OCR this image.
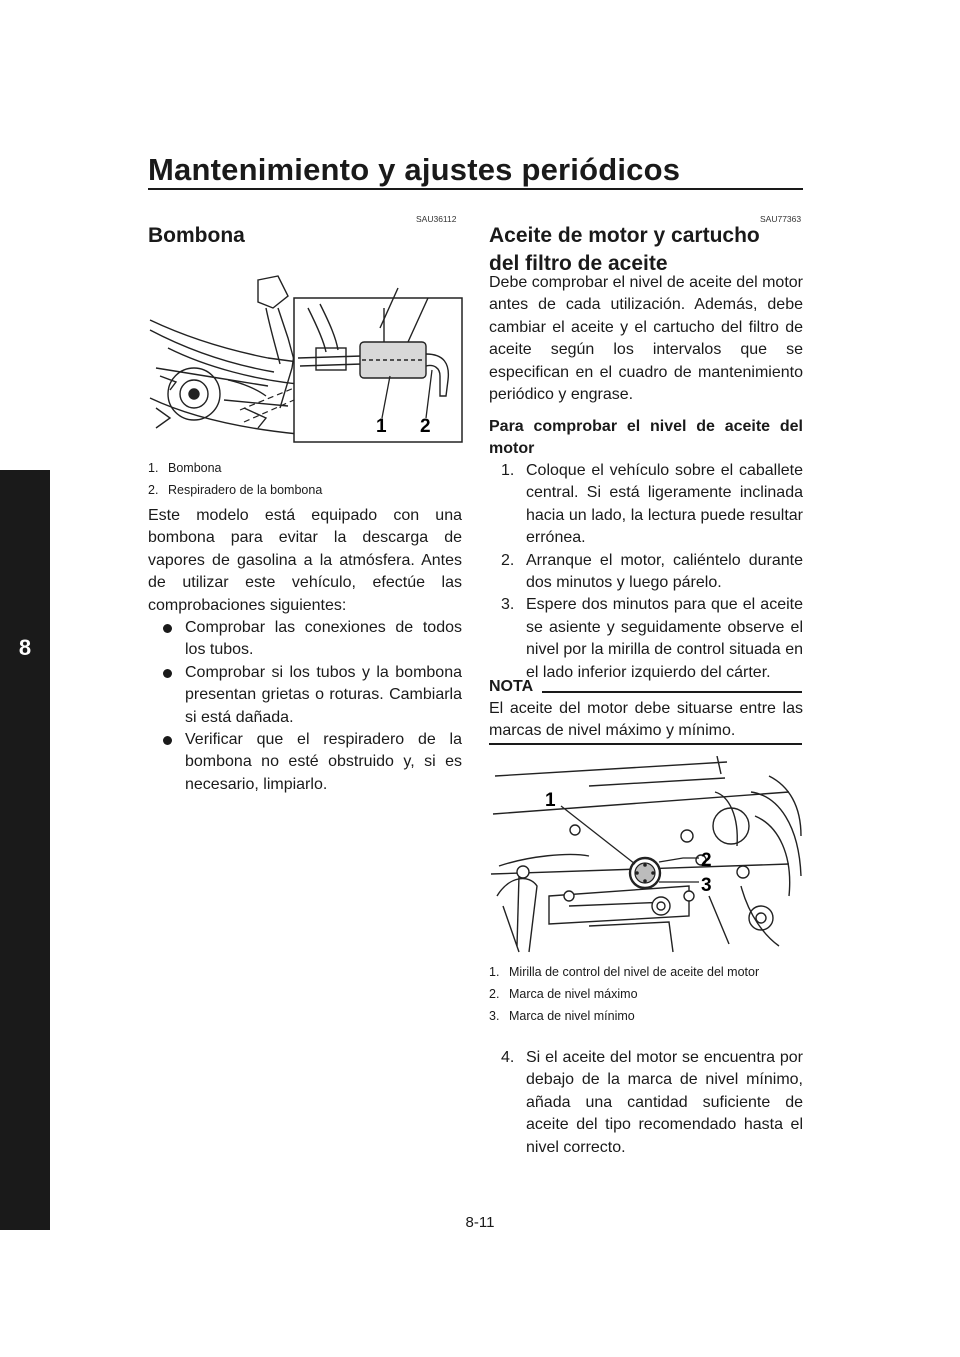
Mantenimiento y ajustes periódicos
8
SAU36112
Bombona
1 2
1. Bombona
2. Respiradero de la bombona

Este modelo está equipado con una bombona para evitar la descarga de vapores de gasolina a la atmósfera. Antes de utilizar este vehículo, efectúe las comprobaciones siguientes:

Comprobar las conexiones de todos los tubos.
Comprobar si los tubos y la bombona presentan grietas o roturas. Cambiarla si está dañada.
Verificar que el respiradero de la bombona no esté obstruido y, si es necesario, limpiarlo.
SAU77363
Aceite de motor y cartucho del filtro de aceite

Debe comprobar el nivel de aceite del motor antes de cada utilización. Además, debe cambiar el aceite y el cartucho del filtro de aceite según los intervalos que se especifican en el cuadro de mantenimiento periódico y engrase.

Para comprobar el nivel de aceite del motor

1. Coloque el vehículo sobre el caballete central. Si está ligeramente inclinada hacia un lado, la lectura puede resultar errónea.
2. Arranque el motor, caliéntelo durante dos minutos y luego párelo.
3. Espere dos minutos para que el aceite se asiente y seguidamente observe el nivel por la mirilla de control situada en el lado inferior izquierdo del cárter.
NOTA

El aceite del motor debe situarse entre las marcas de nivel máximo y mínimo.

1
2
3
1. Mirilla de control del nivel de aceite del motor
2. Marca de nivel máximo
3. Marca de nivel mínimo
4. Si el aceite del motor se encuentra por debajo de la marca de nivel mínimo, añada una cantidad suficiente de aceite del tipo recomendado hasta el nivel correcto.
8-11
